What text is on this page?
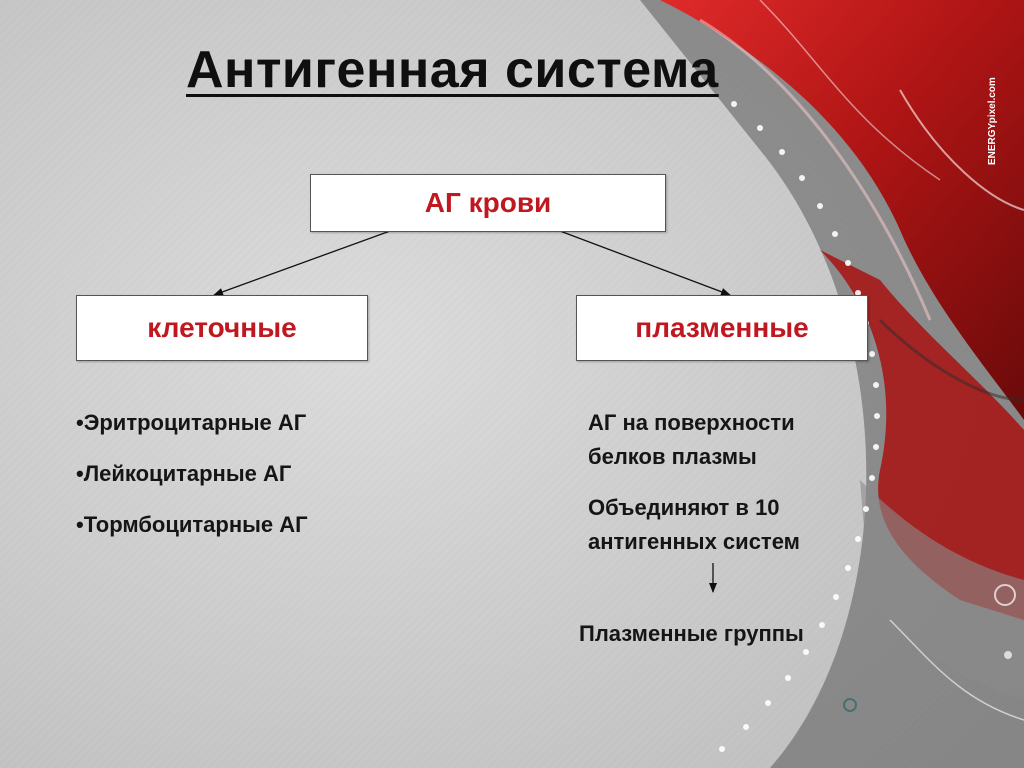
ENERGYpixel.com
Антигенная система
АГ крови
клеточные	плазменные
•Эритроцитарные АГ
•Лейкоцитарные АГ
•Тормбоцитарные АГ
АГ на поверхности белков плазмы
Объединяют в 10
антигенных систем
Плазменные группы
